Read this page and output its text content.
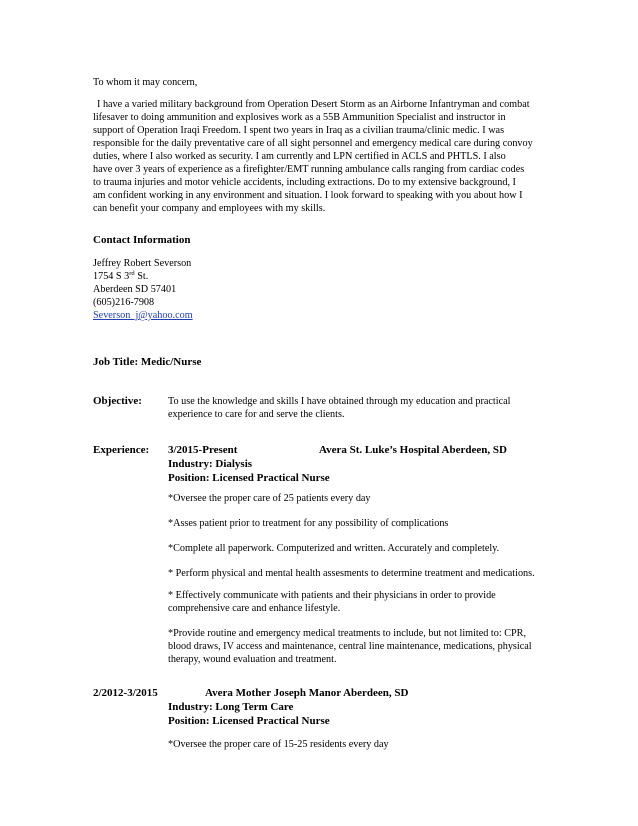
To whom it may concern,
I have a varied military background from Operation Desert Storm as an Airborne Infantryman and combat
lifesaver to doing ammunition and explosives work as a 55B Ammunition Specialist and instructor in
support of Operation Iraqi Freedom. I spent two years in Iraq as a civilian trauma/clinic medic. I was
responsible for the daily preventative care of all sight personnel and emergency medical care during convoy
duties, where I also worked as security. I am currently and LPN certified in ACLS and PHTLS. I also
have over 3 years of experience as a firefighter/EMT running ambulance calls ranging from cardiac codes
to trauma injuries and motor vehicle accidents, including extractions. Do to my extensive background, I
am confident working in any environment and situation. I look forward to speaking with you about how I
can benefit your company and employees with my skills.
Contact Information
Jeffrey Robert Severson
1754 S 3rd St.
Aberdeen SD 57401
(605)216-7908
Severson_j@yahoo.com
Job Title: Medic/Nurse
Objective:	To use the knowledge and skills I have obtained through my education and practical
experience to care for and serve the clients.
Experience: 3/2015-Present	Avera St. Luke’s Hospital Aberdeen, SD
Industry: Dialysis
Position: Licensed Practical Nurse
*Oversee the proper care of 25 patients every day
*Asses patient prior to treatment for any possibility of complications
*Complete all paperwork. Computerized and written. Accurately and completely.
* Perform physical and mental health assesments to determine treatment and medications.
* Effectively communicate with patients and their physicians in order to provide
comprehensive care and enhance lifestyle.
*Provide routine and emergency medical treatments to include, but not limited to: CPR,
blood draws, IV access and maintenance, central line maintenance, medications, physical
therapy, wound evaluation and treatment.
2/2012-3/2015	Avera Mother Joseph Manor Aberdeen, SD
Industry: Long Term Care
Position: Licensed Practical Nurse
*Oversee the proper care of 15-25 residents every day
